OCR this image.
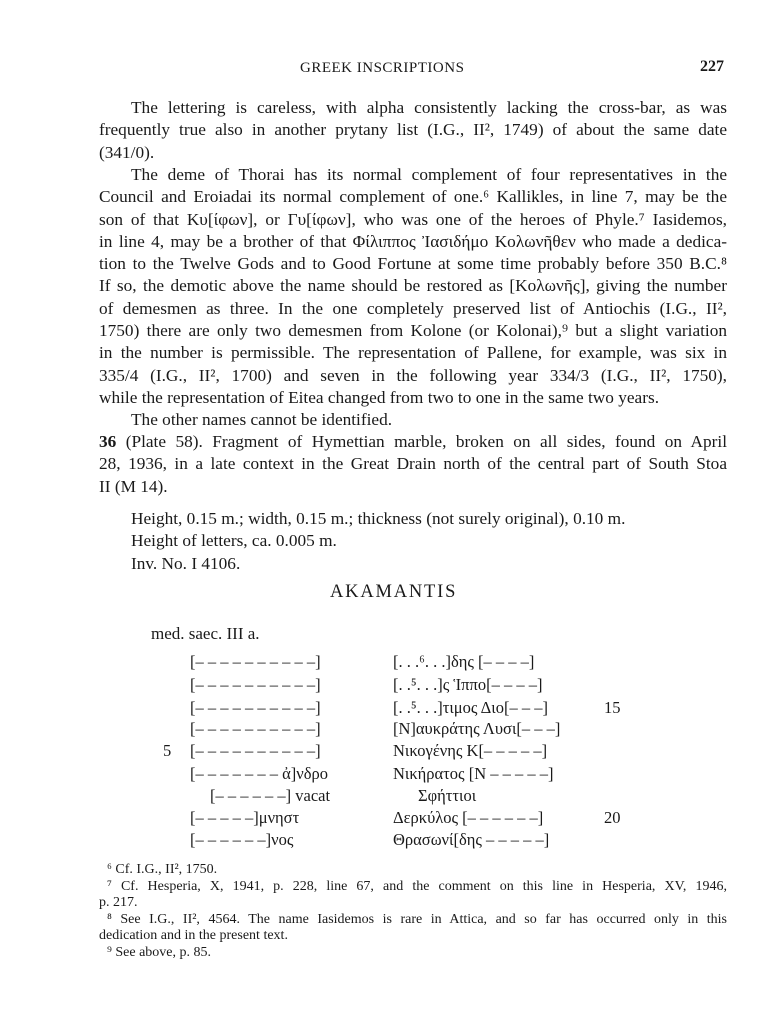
GREEK INSCRIPTIONS	227
The lettering is careless, with alpha consistently lacking the cross-bar, as was
frequently true also in another prytany list (I.G., II², 1749) of about the same date
(341/0).
The deme of Thorai has its normal complement of four representatives in the
Council and Eroiadai its normal complement of one.⁶ Kallikles, in line 7, may be the
son of that Κυ[ίφων], or Γυ[ίφων], who was one of the heroes of Phyle.⁷ Iasidemos,
in line 4, may be a brother of that Φίλιππος Ἰασιδήμο Κολωνῆθεν who made a dedica-
tion to the Twelve Gods and to Good Fortune at some time probably before 350 B.C.⁸
If so, the demotic above the name should be restored as [Κολωνῆς], giving the number
of demesmen as three. In the one completely preserved list of Antiochis (I.G., II²,
1750) there are only two demesmen from Kolone (or Kolonai),⁹ but a slight variation
in the number is permissible. The representation of Pallene, for example, was six in
335/4 (I.G., II², 1700) and seven in the following year 334/3 (I.G., II², 1750),
while the representation of Eitea changed from two to one in the same two years.
The other names cannot be identified.
36 (Plate 58). Fragment of Hymettian marble, broken on all sides, found on April
28, 1936, in a late context in the Great Drain north of the central part of South Stoa
II (M 14).
Height, 0.15 m.; width, 0.15 m.; thickness (not surely original), 0.10 m.
Height of letters, ca. 0.005 m.
Inv. No. I 4106.
AKAMANTIS
med. saec. III a.
[– – – – – – – – – –]
[– – – – – – – – – –]
[– – – – – – – – – –]
[– – – – – – – – – –]
[– – – – – – – – – –]
[– – – – – – – ἀ]νδρο
[– – – – – –] vacat
[– – – – –]μνηστ
[– – – – – –]νος
[. . .⁶. . .]δης [– – – –]
[. .⁵. . .]ς Ἱππο[– – – –]
[. .⁵. . .]τιμος Διο[– – –]
[Ν]αυκράτης Λυσι[– – –]
Νικογένης Κ[– – – – –]
Νικήρατος [Ν – – – – –]
Σφήττιοι
Δερκύλος [– – – – – –]
Θρασωνί[δης – – – – –]
5
15
20
⁶ Cf. I.G., II², 1750.
⁷ Cf. Hesperia, X, 1941, p. 228, line 67, and the comment on this line in Hesperia, XV, 1946,
p. 217.
⁸ See I.G., II², 4564. The name Iasidemos is rare in Attica, and so far has occurred only in this
dedication and in the present text.
⁹ See above, p. 85.
